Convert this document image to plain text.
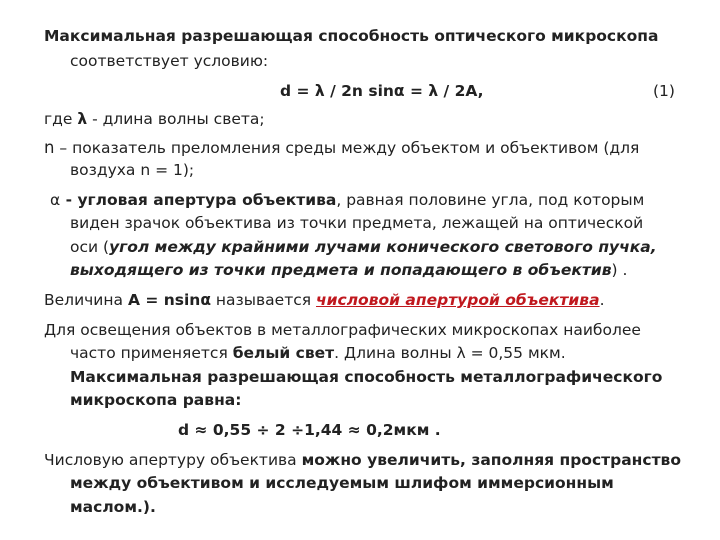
Максимальная разрешающая способность оптического микроскопа
соответствует условию:
d = λ / 2n sinα = λ / 2A,	(1)
где λ - длина волны света;
n – показатель преломления среды между объектом и объективом (для
воздуха n = 1);
α - угловая апертура объектива, равная половине угла, под которым
виден зрачок объектива из точки предмета, лежащей на оптической
оси (угол между крайними лучами конического светового пучка,
выходящего из точки предмета и попадающего в объектив) .
Величина А = nsinα называется числовой апертурой объектива.
Для освещения объектов в металлографических микроскопах наиболее
часто применяется белый свет. Длина волны λ = 0,55 мкм.
Максимальная разрешающая способность металлографического
микроскопа равна:
d ≈ 0,55 ÷ 2 ÷1,44 ≈ 0,2мкм .
Числовую апертуру объектива можно увеличить, заполняя пространство
между объективом и исследуемым шлифом иммерсионным
маслом.).
